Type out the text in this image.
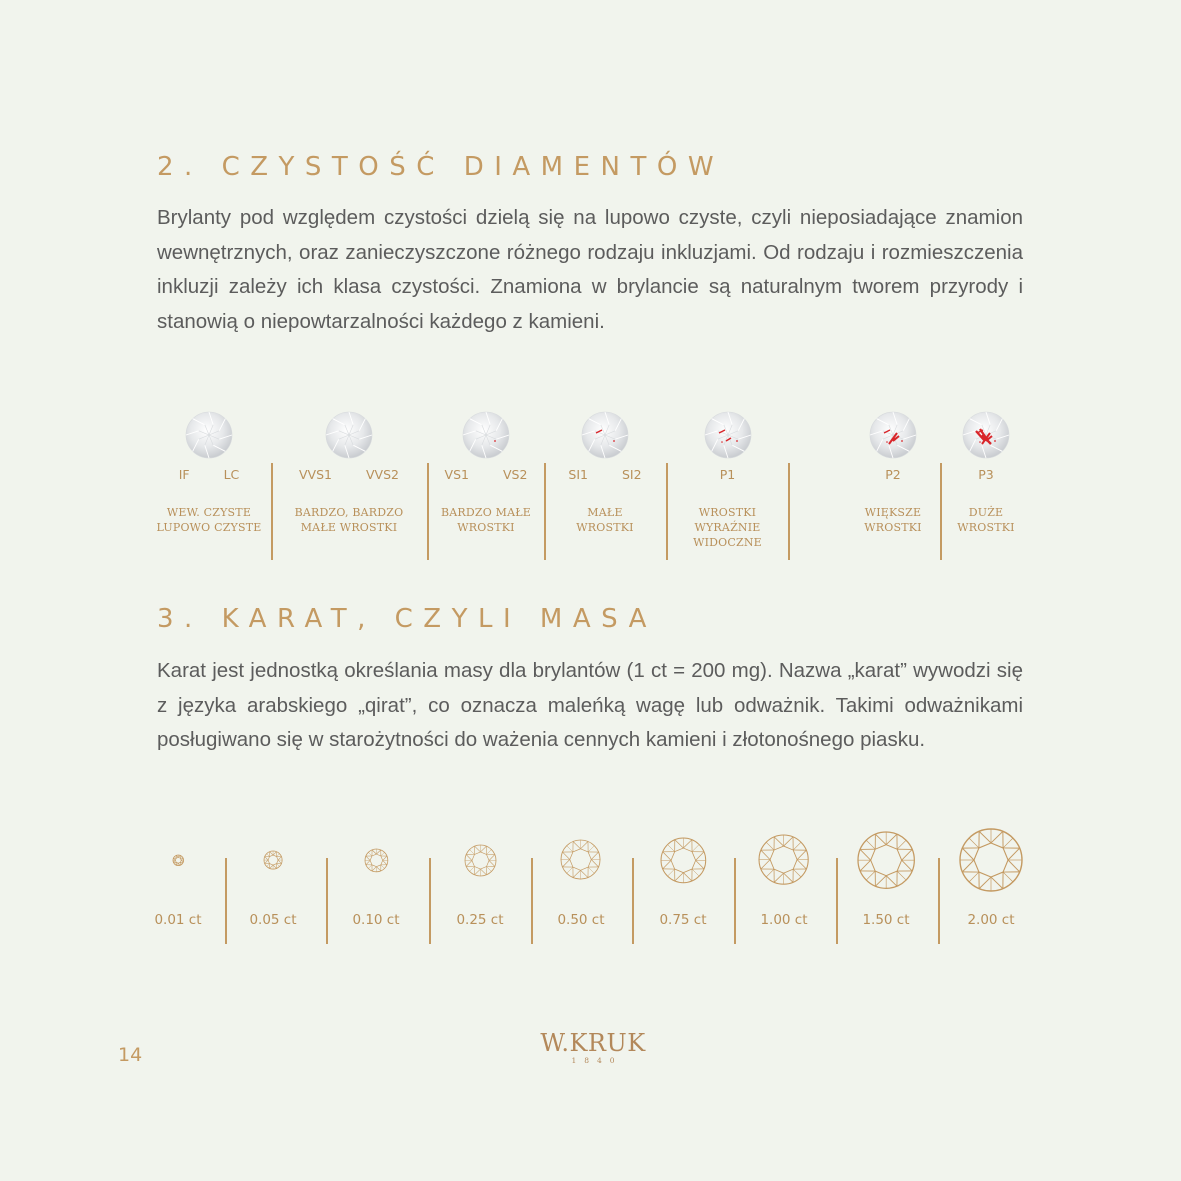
2. CZYSTOŚĆ DIAMENTÓW

Brylanty pod względem czystości dzielą się na lupowo czyste, czyli nieposiadające znamion wewnętrznych, oraz zanieczyszczone różnego rodzaju inkluzjami. Od rodzaju i rozmieszczenia inkluzji zależy ich klasa czystości. Znamiona w brylancie są naturalnym tworem przyrody i stanowią o niepowtarzalności każdego z kamieni.

IF	LC
WEW. CZYSTE
LUPOWO CZYSTE
VVS1	VVS2
BARDZO, BARDZO
MAŁE WROSTKI
VS1	VS2
BARDZO MAŁE
WROSTKI
SI1	SI2
MAŁE
WROSTKI
P1
WROSTKI WYRAŹNIE
WIDOCZNE
P2
WIĘKSZE
WROSTKI
P3
DUŻE
WROSTKI
3. KARAT, CZYLI MASA

Karat jest jednostką określania masy dla brylantów (1 ct = 200 mg). Nazwa „karat” wywodzi się z języka arabskiego „qirat”, co oznacza maleńką wagę lub odważnik. Takimi odważnikami posługiwano się w starożytności do ważenia cennych kamieni i złotonośnego piasku.

0.01 ct	0.05 ct	0.10 ct	0.25 ct	0.50 ct	0.75 ct	1.00 ct	1.50 ct	2.00 ct
14	W.KRUK
1840
